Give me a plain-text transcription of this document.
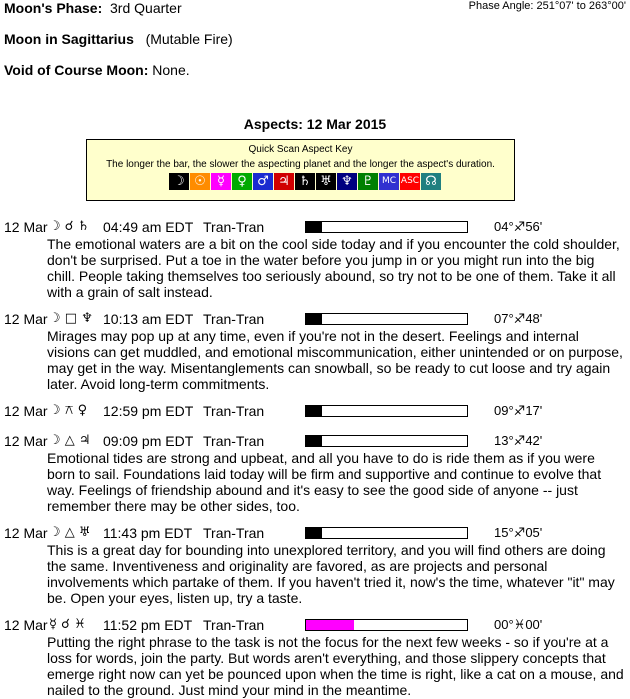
Moon's Phase: 3rd Quarter	Phase Angle: 251°07' to 263°00'
Moon in Sagittarius (Mutable Fire)
Void of Course Moon: None.
Aspects: 12 Mar 2015
Quick Scan Aspect Key
The longer the bar, the slower the aspecting planet and the longer the aspect's duration.
☽ ☉ ☿ ♀ ♂ ♃ ♄ ♅ ♆ ♇ MC ASC ☊
12 Mar ☽ ☌ ♄ 04:49 am EDT Tran-Tran	04°♐56'
The emotional waters are a bit on the cool side today and if you encounter the cold shoulder, don't be surprised. Put a toe in the water before you jump in or you might run into the big chill. People taking themselves too seriously abound, so try not to be one of them. Take it all with a grain of salt instead.
12 Mar ☽ □ ♆ 10:13 am EDT Tran-Tran	07°♐48'
Mirages may pop up at any time, even if you're not in the desert. Feelings and internal visions can get muddled, and emotional miscommunication, either unintended or on purpose, may get in the way. Misentanglements can snowball, so be ready to cut loose and try again later. Avoid long-term commitments.
12 Mar ☽ ⚻ ♀ 12:59 pm EDT Tran-Tran	09°♐17'
12 Mar ☽ △ ♃ 09:09 pm EDT Tran-Tran	13°♐42'
Emotional tides are strong and upbeat, and all you have to do is ride them as if you were born to sail. Foundations laid today will be firm and supportive and continue to evolve that way. Feelings of friendship abound and it's easy to see the good side of anyone -- just remember there may be other sides, too.
12 Mar ☽ △ ♅ 11:43 pm EDT Tran-Tran	15°♐05'
This is a great day for bounding into unexplored territory, and you will find others are doing the same. Inventiveness and originality are favored, as are projects and personal involvements which partake of them. If you haven't tried it, now's the time, whatever "it" may be. Open your eyes, listen up, try a taste.
12 Mar ☿ ☌ ♓ 11:52 pm EDT Tran-Tran	00°♓00'
Putting the right phrase to the task is not the focus for the next few weeks - so if you're at a loss for words, join the party. But words aren't everything, and those slippery concepts that emerge right now can yet be pounced upon when the time is right, like a cat on a mouse, and nailed to the ground. Just mind your mind in the meantime.
